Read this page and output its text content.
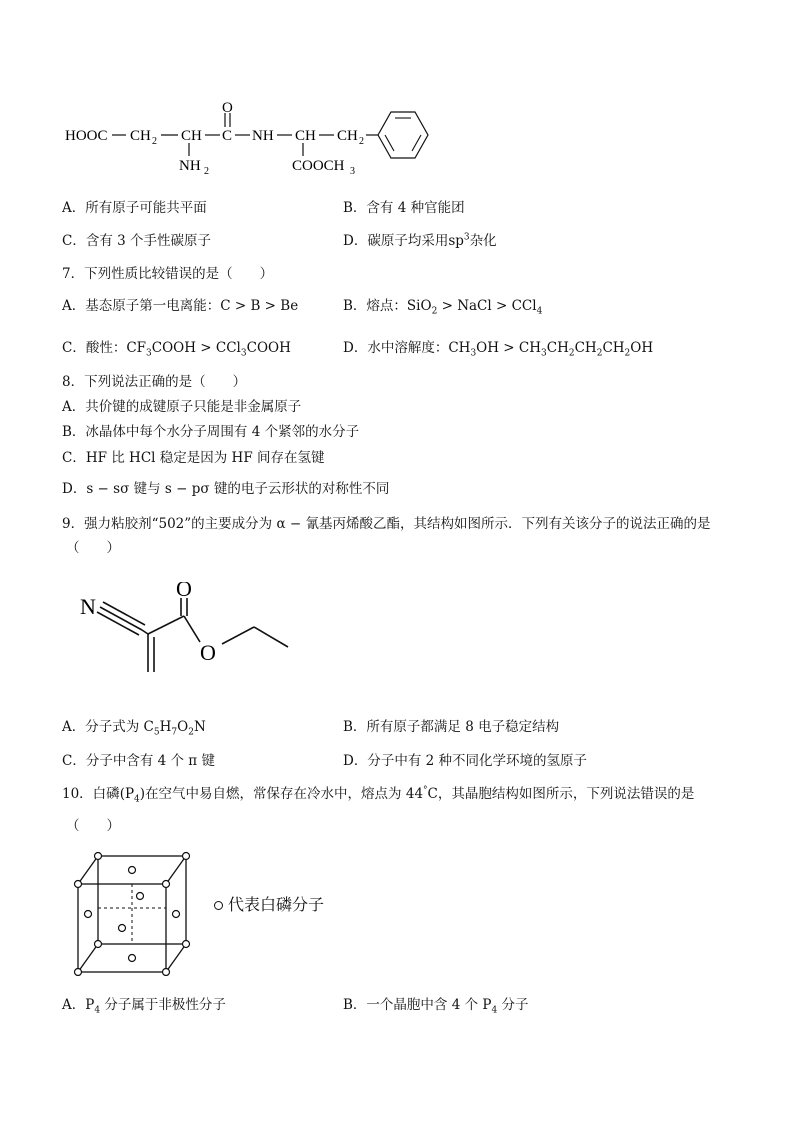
HOOC CH 2 CH
NH 2
C
O
NH CH
COOCH 3
CH 2
A．所有原子可能共平面	B．含有 4 种官能团
C．含有 3 个手性碳原子	D．碳原子均采用$sp^3$杂化
7．下列性质比较错误的是（　　）
A．基态原子第一电离能：C > B > Be	B．熔点：SiO$_2$ > NaCl > CCl$_4$
C．酸性：$CF_3COOH$ > CCl$_3$COOH	D．水中溶解度：$CH_3OH > CH_3CH_2CH_2CH_2OH$
8．下列说法正确的是（　　）
A．共价键的成键原子只能是非金属原子
B．冰晶体中每个水分子周围有 4 个紧邻的水分子
C．HF 比 HCl 稳定是因为 HF 间存在氢键
D．s − sσ 键与 s − pσ 键的电子云形状的对称性不同
9．强力粘胶剂“502”的主要成分为 α − 氰基丙烯酸乙酯，其结构如图所示．下列有关该分子的说法正确的是
（　　）
N
O
O
A．分子式为 $C_5H_7O_2N$	B．所有原子都满足 8 电子稳定结构
C．分子中含有 4 个 π 键	D．分子中有 2 种不同化学环境的氢原子
10．白磷$(P_4)$在空气中易自燃，常保存在冷水中，熔点为 44°C，其晶胞结构如图所示，下列说法错误的是
（　　）
代表白磷分子
A．$P_4$ 分子属于非极性分子	B．一个晶胞中含 4 个 $P_4$ 分子
